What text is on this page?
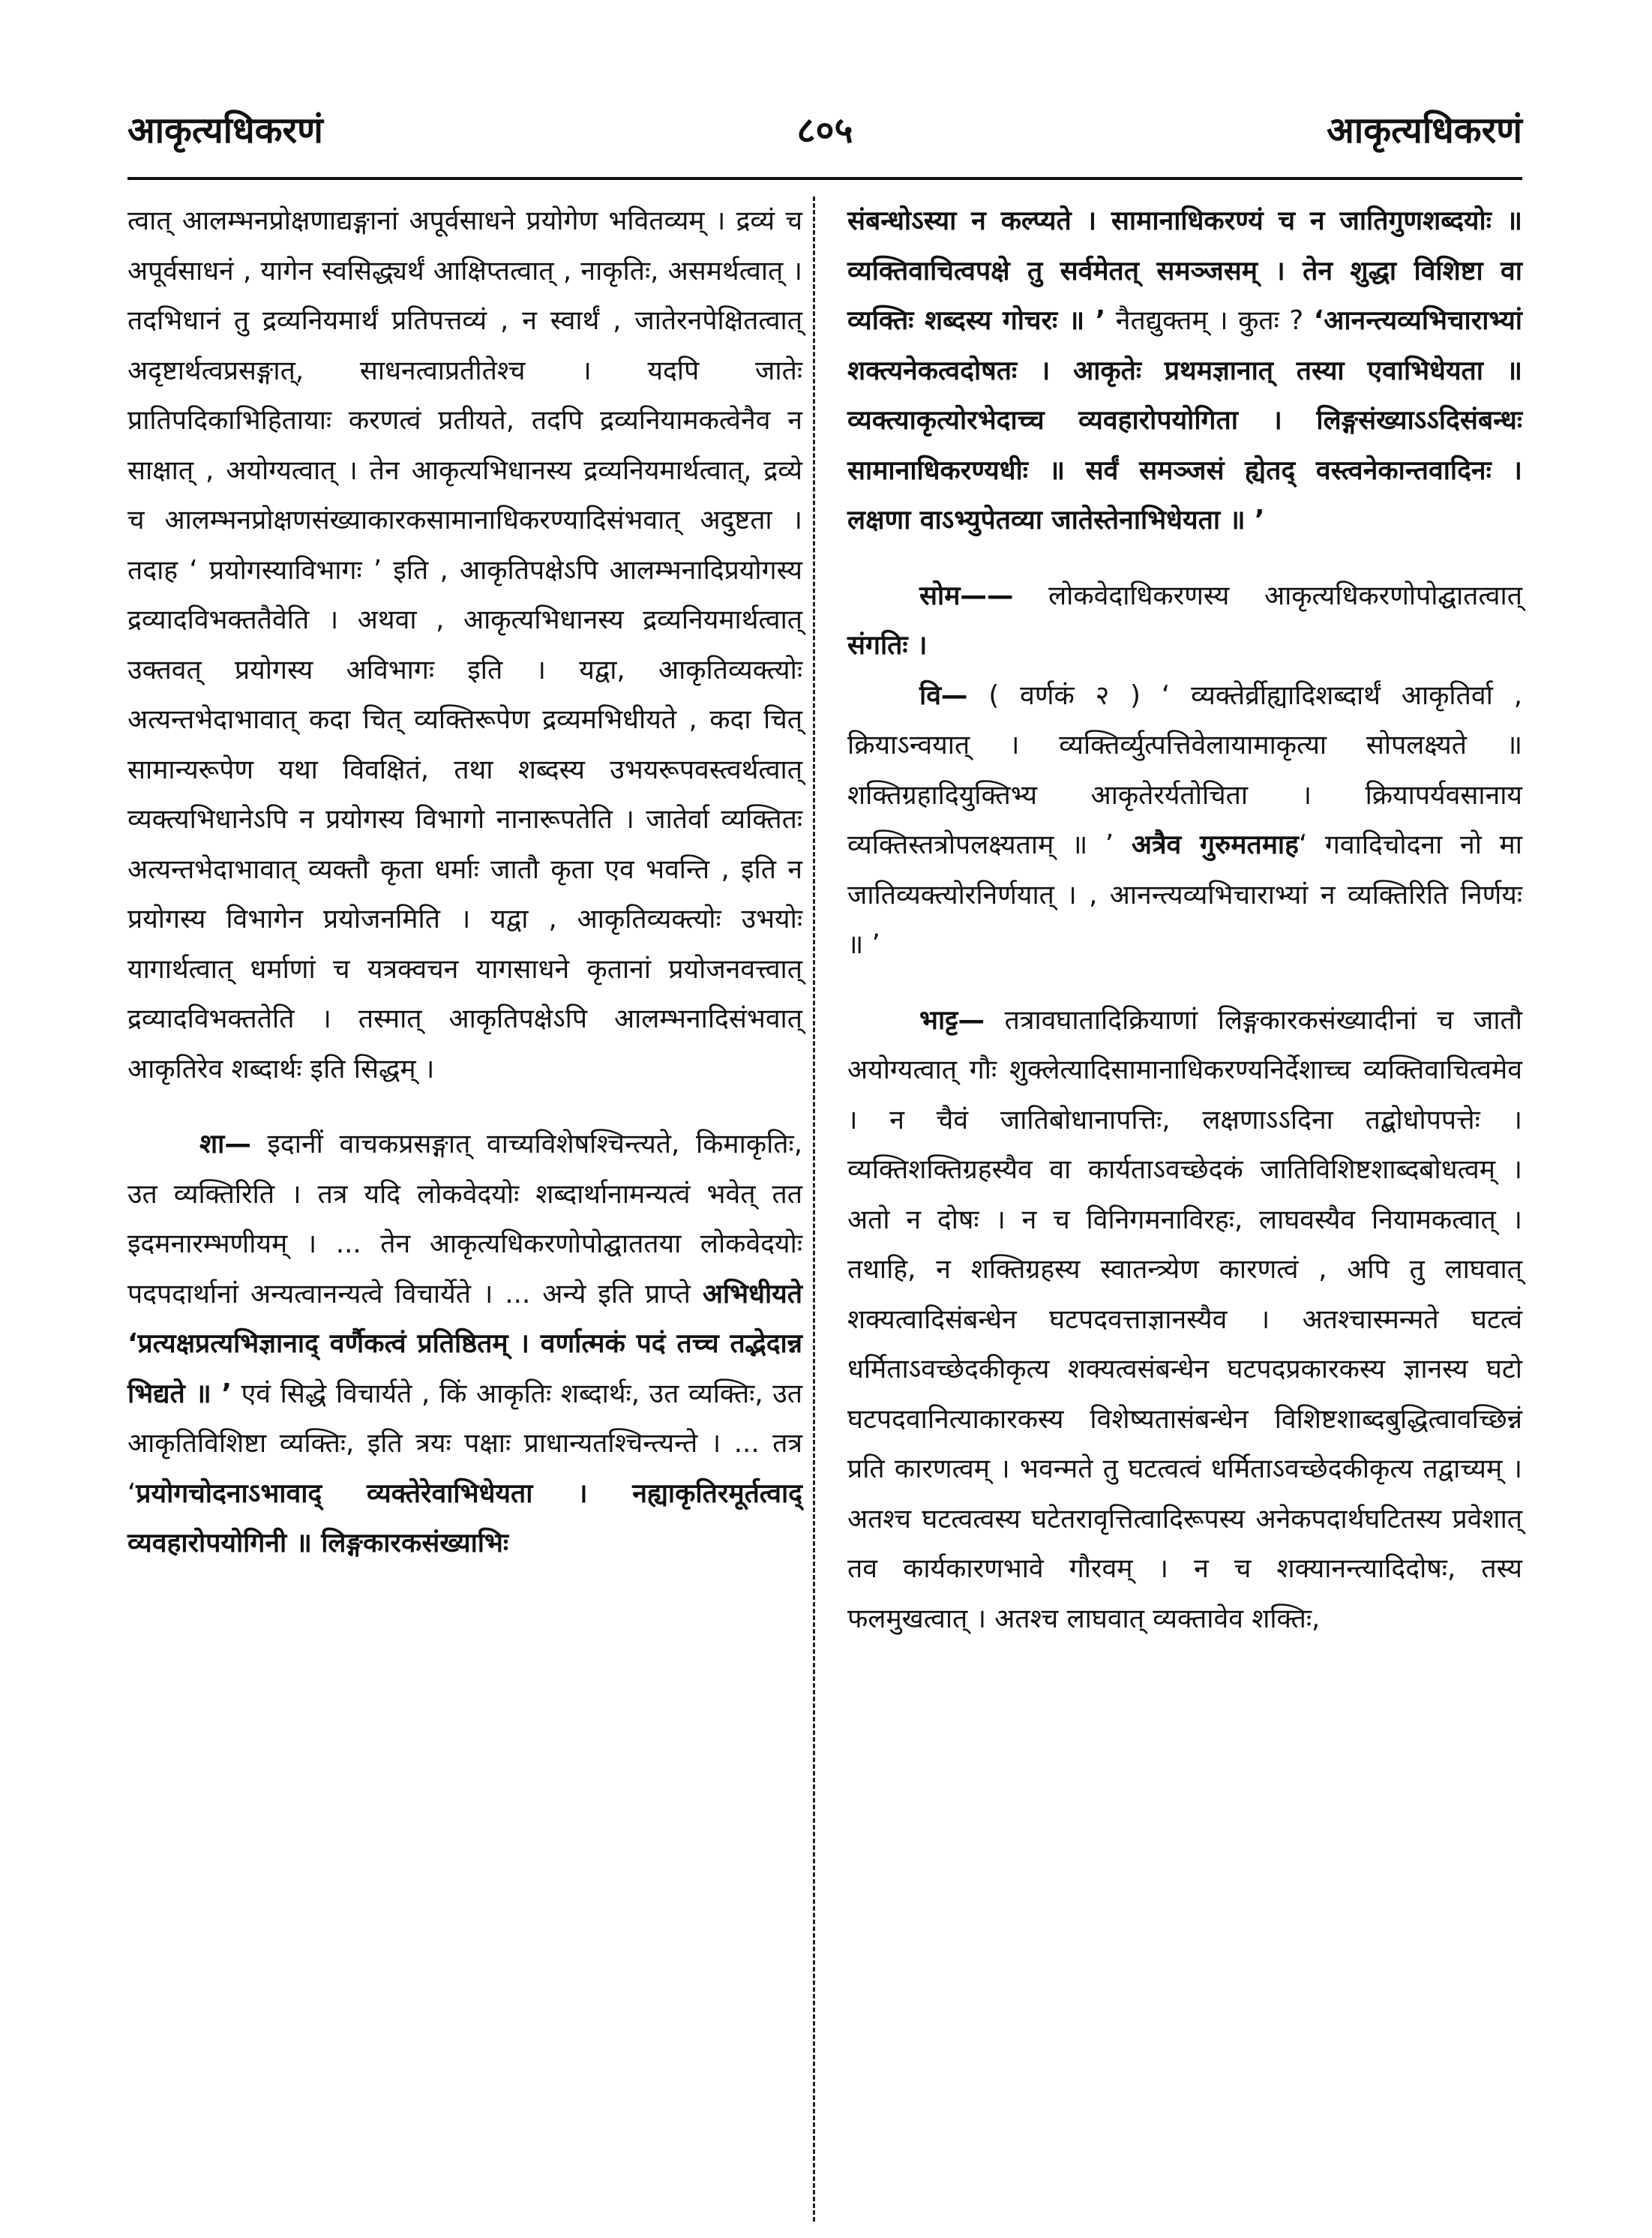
आकृत्यधिकरणं	८०५	आकृत्यधिकरणं

त्वात् आलम्भनप्रोक्षणाद्यङ्गानां अपूर्वसाधने प्रयोगेण भवितव्यम् । द्रव्यं च अपूर्वसाधनं , यागेन स्वसिद्ध्यर्थं आक्षिप्तत्वात् , नाकृतिः, असमर्थत्वात् । तदभिधानं तु द्रव्यनियमार्थं प्रतिपत्तव्यं , न स्वार्थं , जातेरनपेक्षितत्वात् अदृष्टार्थत्वप्रसङ्गात्, साधनत्वाप्रतीतेश्च । यदपि जातेः प्रातिपदिकाभिहितायाः करणत्वं प्रतीयते, तदपि द्रव्यनियामकत्वेनैव न साक्षात् , अयोग्यत्वात् । तेन आकृत्यभिधानस्य द्रव्यनियमार्थत्वात्, द्रव्ये च आलम्भनप्रोक्षणसंख्याकारकसामानाधिकरण्यादिसंभवात् अदुष्टता । तदाह ‘ प्रयोगस्याविभागः ’ इति , आकृतिपक्षेऽपि आलम्भनादिप्रयोगस्य द्रव्यादविभक्ततैवेति । अथवा , आकृत्यभिधानस्य द्रव्यनियमार्थत्वात् उक्तवत् प्रयोगस्य अविभागः इति । यद्वा, आकृतिव्यक्त्योः अत्यन्तभेदाभावात् कदा चित् व्यक्तिरूपेण द्रव्यमभिधीयते , कदा चित् सामान्यरूपेण यथा विवक्षितं, तथा शब्दस्य उभयरूपवस्त्वर्थत्वात् व्यक्त्यभिधानेऽपि न प्रयोगस्य विभागो नानारूपतेति । जातेर्वा व्यक्तितः अत्यन्तभेदाभावात् व्यक्तौ कृता धर्माः जातौ कृता एव भवन्ति , इति न प्रयोगस्य विभागेन प्रयोजनमिति । यद्वा , आकृतिव्यक्त्योः उभयोः यागार्थत्वात् धर्माणां च यत्रक्वचन यागसाधने कृतानां प्रयोजनवत्त्वात् द्रव्यादविभक्ततेति । तस्मात् आकृतिपक्षेऽपि आलम्भनादिसंभवात् आकृतिरेव शब्दार्थः इति सिद्धम् ।

शा— इदानीं वाचकप्रसङ्गात् वाच्यविशेषश्चिन्त्यते, किमाकृतिः, उत व्यक्तिरिति । तत्र यदि लोकवेदयोः शब्दार्थानामन्यत्वं भवेत् तत इदमनारम्भणीयम् । ... तेन आकृत्यधिकरणोपोद्घाततया लोकवेदयोः पदपदार्थानां अन्यत्वानन्यत्वे विचार्येते । ... अन्ये इति प्राप्ते अभिधीयते ‘प्रत्यक्षप्रत्यभिज्ञानाद् वर्णैकत्वं प्रतिष्ठितम् । वर्णात्मकं पदं तच्च तद्भेदान्न भिद्यते ॥ ’ एवं सिद्धे विचार्यते , किं आकृतिः शब्दार्थः, उत व्यक्तिः, उत आकृतिविशिष्टा व्यक्तिः, इति त्रयः पक्षाः प्राधान्यतश्चिन्त्यन्ते । ... तत्र ‘प्रयोगचोदनाऽभावाद् व्यक्तेरेवाभिधेयता । नह्याकृतिरमूर्तत्वाद् व्यवहारोपयोगिनी ॥ लिङ्गकारकसंख्याभिः

संबन्धोऽस्या न कल्प्यते । सामानाधिकरण्यं च न जातिगुणशब्दयोः ॥ व्यक्तिवाचित्वपक्षे तु सर्वमेतत् समञ्जसम् । तेन शुद्धा विशिष्टा वा व्यक्तिः शब्दस्य गोचरः ॥ ’ नैतद्युक्तम् । कुतः ? ‘आनन्त्यव्यभिचाराभ्यां शक्त्यनेकत्वदोषतः । आकृतेः प्रथमज्ञानात् तस्या एवाभिधेयता ॥ व्यक्त्याकृत्योरभेदाच्च व्यवहारोपयोगिता । लिङ्गसंख्याऽऽदिसंबन्धः सामानाधिकरण्यधीः ॥ सर्वं समञ्जसं ह्येतद् वस्त्वनेकान्तवादिनः । लक्षणा वाऽभ्युपेतव्या जातेस्तेनाभिधेयता ॥ ’

सोम—— लोकवेदाधिकरणस्य आकृत्यधिकरणोपोद्घातत्वात् संगतिः ।

वि— ( वर्णकं २ ) ‘ व्यक्तेर्व्रीह्यादिशब्दार्थं आकृतिर्वा , क्रियाऽन्वयात् । व्यक्तिर्व्युत्पत्तिवेलायामाकृत्या सोपलक्ष्यते ॥ शक्तिग्रहादियुक्तिभ्य आकृतेरर्यतोचिता । क्रियापर्यवसानाय व्यक्तिस्तत्रोपलक्ष्यताम् ॥ ’ अत्रैव गुरुमतमाह‘ गवादिचोदना नो मा जातिव्यक्त्योरनिर्णयात् । , आनन्त्यव्यभिचाराभ्यां न व्यक्तिरिति निर्णयः ॥ ’

भाट्ट— तत्रावघातादिक्रियाणां लिङ्गकारकसंख्यादीनां च जातौ अयोग्यत्वात् गौः शुक्लेत्यादिसामानाधिकरण्यनिर्देशाच्च व्यक्तिवाचित्वमेव । न चैवं जातिबोधानापत्तिः, लक्षणाऽऽदिना तद्बोधोपपत्तेः । व्यक्तिशक्तिग्रहस्यैव वा कार्यताऽवच्छेदकं जातिविशिष्टशाब्दबोधत्वम् । अतो न दोषः । न च विनिगमनाविरहः, लाघवस्यैव नियामकत्वात् । तथाहि, न शक्तिग्रहस्य स्वातन्त्र्येण कारणत्वं , अपि तु लाघवात् शक्यत्वादिसंबन्धेन घटपदवत्ताज्ञानस्यैव । अतश्चास्मन्मते घटत्वं धर्मिताऽवच्छेदकीकृत्य शक्यत्वसंबन्धेन घटपदप्रकारकस्य ज्ञानस्य घटो घटपदवानित्याकारकस्य विशेष्यतासंबन्धेन विशिष्टशाब्दबुद्धित्वावच्छिन्नं प्रति कारणत्वम् । भवन्मते तु घटत्वत्वं धर्मिताऽवच्छेदकीकृत्य तद्वाच्यम् । अतश्च घटत्वत्वस्य घटेतरावृत्तित्वादिरूपस्य अनेकपदार्थघटितस्य प्रवेशात् तव कार्यकारणभावे गौरवम् । न च शक्यानन्त्यादिदोषः, तस्य फलमुखत्वात् । अतश्च लाघवात् व्यक्तावेव शक्तिः,
